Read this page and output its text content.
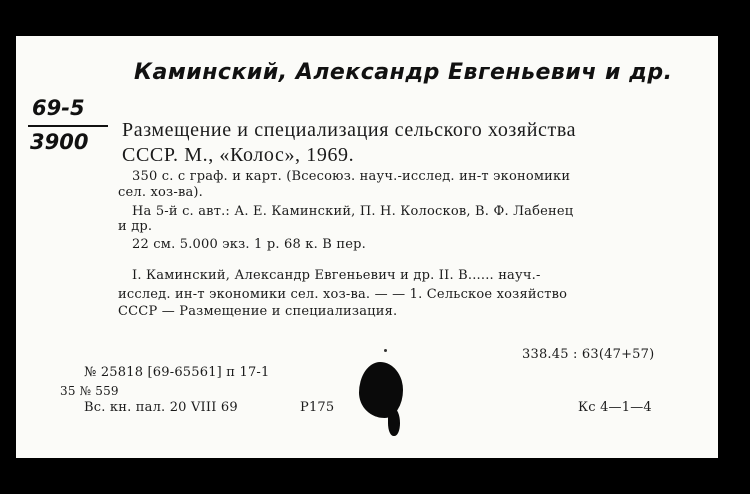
Каминский, Александр Евгеньевич и др.
69-5
3900 Размещение и специализация сельского хозяйства
СССР. М., «Колос», 1969.
350 с. с граф. и карт. (Всесоюз. науч.-исслед. ин-т экономики
сел. хоз-ва).
На 5-й с. авт.: А. Е. Каминский, П. Н. Колосков, В. Ф. Лабенец
и др.
22 см. 5.000 экз. 1 р. 68 к. В пер.
I. Каминский, Александр Евгеньевич и др. II. В...... науч.-
исслед. ин-т экономики сел. хоз-ва. — — 1. Сельское хозяйство
СССР — Размещение и специализация.
338.45 : 63(47+57)
№ 25818 [69-65561] п 17-1
35 № 559
Вс. кн. пал. 20 VIII 69	Р175	Кс 4—1—4
